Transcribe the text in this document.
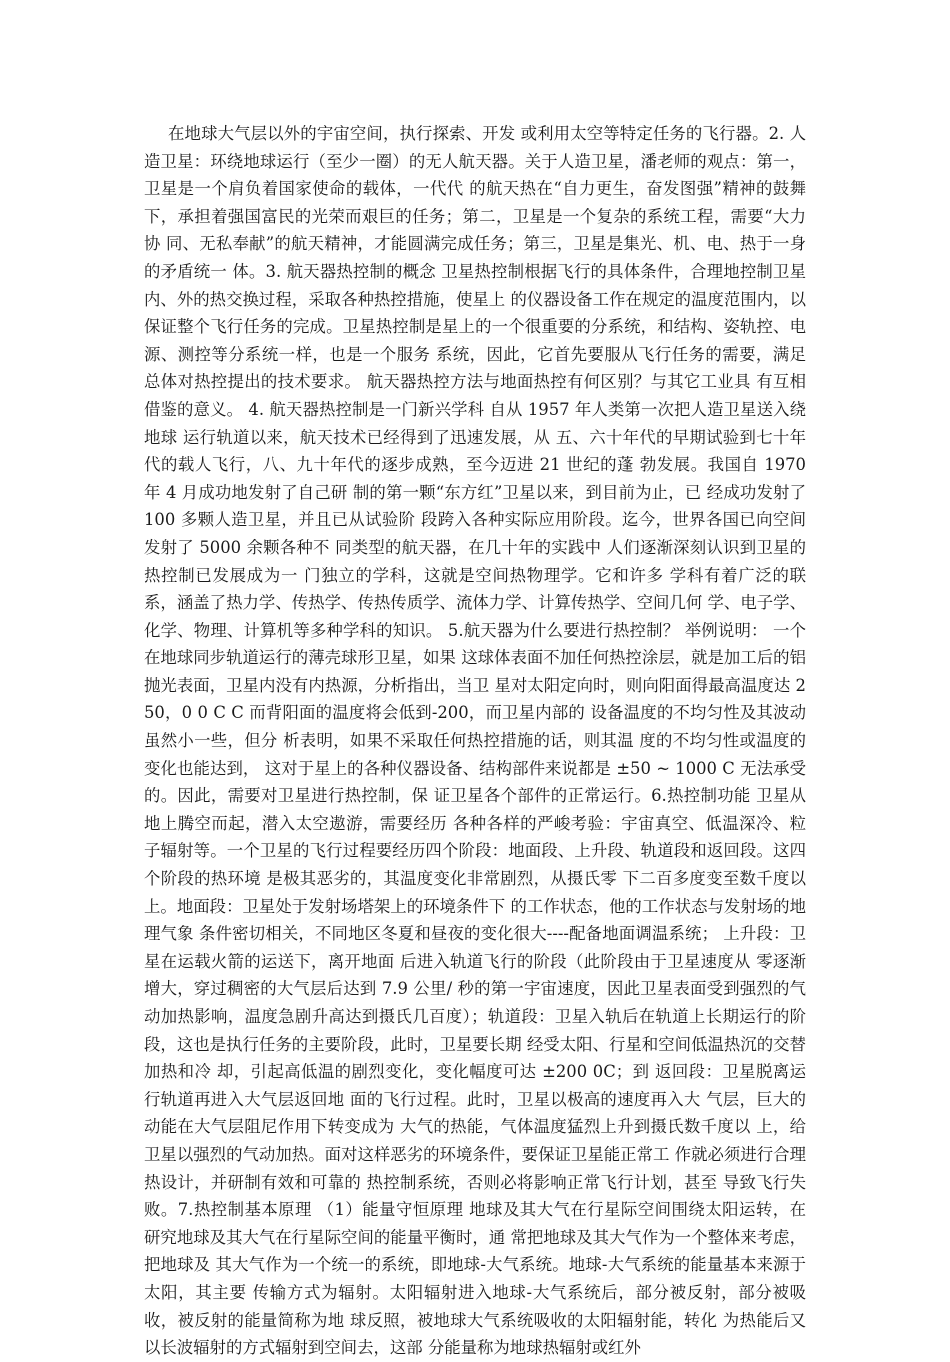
在地球大气层以外的宇宙空间，执行探索、开发 或利用太空等特定任务的飞行器。2. 人造卫星：环绕地球运行（至少一圈）的无人航天器。关于人造卫星，潘老师的观点：第一，卫星是一个肩负着国家使命的载体，一代代 的航天热在“自力更生，奋发图强”精神的鼓舞下，承担着强国富民的光荣而艰巨的任务；第二，卫星是一个复杂的系统工程，需要“大力协 同、无私奉献”的航天精神，才能圆满完成任务；第三，卫星是集光、机、电、热于一身的矛盾统一 体。3. 航天器热控制的概念 卫星热控制根据飞行的具体条件，合理地控制卫星 内、外的热交换过程，采取各种热控措施，使星上 的仪器设备工作在规定的温度范围内，以保证整个飞行任务的完成。卫星热控制是星上的一个很重要的分系统，和结构、姿轨控、电源、测控等分系统一样，也是一个服务 系统，因此，它首先要服从飞行任务的需要，满足 总体对热控提出的技术要求。 航天器热控方法与地面热控有何区别？与其它工业具 有互相借鉴的意义。 4. 航天器热控制是一门新兴学科 自从 1957 年人类第一次把人造卫星送入绕地球 运行轨道以来，航天技术已经得到了迅速发展，从 五、六十年代的早期试验到七十年代的载人飞行，八、九十年代的逐步成熟，至今迈进 21 世纪的蓬 勃发展。我国自 1970 年 4 月成功地发射了自己研 制的第一颗“东方红”卫星以来，到目前为止，已 经成功发射了 100 多颗人造卫星，并且已从试验阶 段跨入各种实际应用阶段。迄今，世界各国已向空间发射了 5000 余颗各种不 同类型的航天器，在几十年的实践中 人们逐渐深刻认识到卫星的热控制已发展成为一 门独立的学科，这就是空间热物理学。它和许多 学科有着广泛的联系，涵盖了热力学、传热学、传热传质学、流体力学、计算传热学、空间几何 学、电子学、化学、物理、计算机等多种学科的知识。 5.航天器为什么要进行热控制？ 举例说明： 一个在地球同步轨道运行的薄壳球形卫星，如果 这球体表面不加任何热控涂层，就是加工后的铝 抛光表面，卫星内没有内热源，分析指出，当卫 星对太阳定向时，则向阳面得最高温度达 250，0 0 C C 而背阳面的温度将会低到-200，而卫星内部的 设备温度的不均匀性及其波动虽然小一些，但分 析表明，如果不采取任何热控措施的话，则其温 度的不均匀性或温度的变化也能达到， 这对于星上的各种仪器设备、结构部件来说都是 ±50 ~ 1000 C 无法承受的。因此，需要对卫星进行热控制，保 证卫星各个部件的正常运行。6.热控制功能 卫星从地上腾空而起，潜入太空遨游，需要经历 各种各样的严峻考验：宇宙真空、低温深冷、粒 子辐射等。一个卫星的飞行过程要经历四个阶段：地面段、上升段、轨道段和返回段。这四个阶段的热环境 是极其恶劣的，其温度变化非常剧烈，从摄氏零 下二百多度变至数千度以上。地面段：卫星处于发射场塔架上的环境条件下 的工作状态，他的工作状态与发射场的地理气象 条件密切相关，不同地区冬夏和昼夜的变化很大----配备地面调温系统； 上升段：卫星在运载火箭的运送下，离开地面 后进入轨道飞行的阶段（此阶段由于卫星速度从 零逐渐增大，穿过稠密的大气层后达到 7.9 公里/ 秒的第一宇宙速度，因此卫星表面受到强烈的气 动加热影响，温度急剧升高达到摄氏几百度）；轨道段：卫星入轨后在轨道上长期运行的阶段，这也是执行任务的主要阶段，此时，卫星要长期 经受太阳、行星和空间低温热沉的交替加热和冷 却，引起高低温的剧烈变化，变化幅度可达 ±200 0C；到 返回段：卫星脱离运行轨道再进入大气层返回地 面的飞行过程。此时，卫星以极高的速度再入大 气层，巨大的动能在大气层阻尼作用下转变成为 大气的热能，气体温度猛烈上升到摄氏数千度以 上，给卫星以强烈的气动加热。面对这样恶劣的环境条件，要保证卫星能正常工 作就必须进行合理热设计，并研制有效和可靠的 热控制系统，否则必将影响正常飞行计划，甚至 导致飞行失败。7.热控制基本原理 （1）能量守恒原理 地球及其大气在行星际空间围绕太阳运转，在 研究地球及其大气在行星际空间的能量平衡时，通 常把地球及其大气作为一个整体来考虑，把地球及 其大气作为一个统一的系统，即地球-大气系统。地球-大气系统的能量基本来源于太阳，其主要 传输方式为辐射。太阳辐射进入地球-大气系统后，部分被反射，部分被吸收，被反射的能量简称为地 球反照，被地球大气系统吸收的太阳辐射能，转化 为热能后又以长波辐射的方式辐射到空间去，这部 分能量称为地球热辐射或红外
